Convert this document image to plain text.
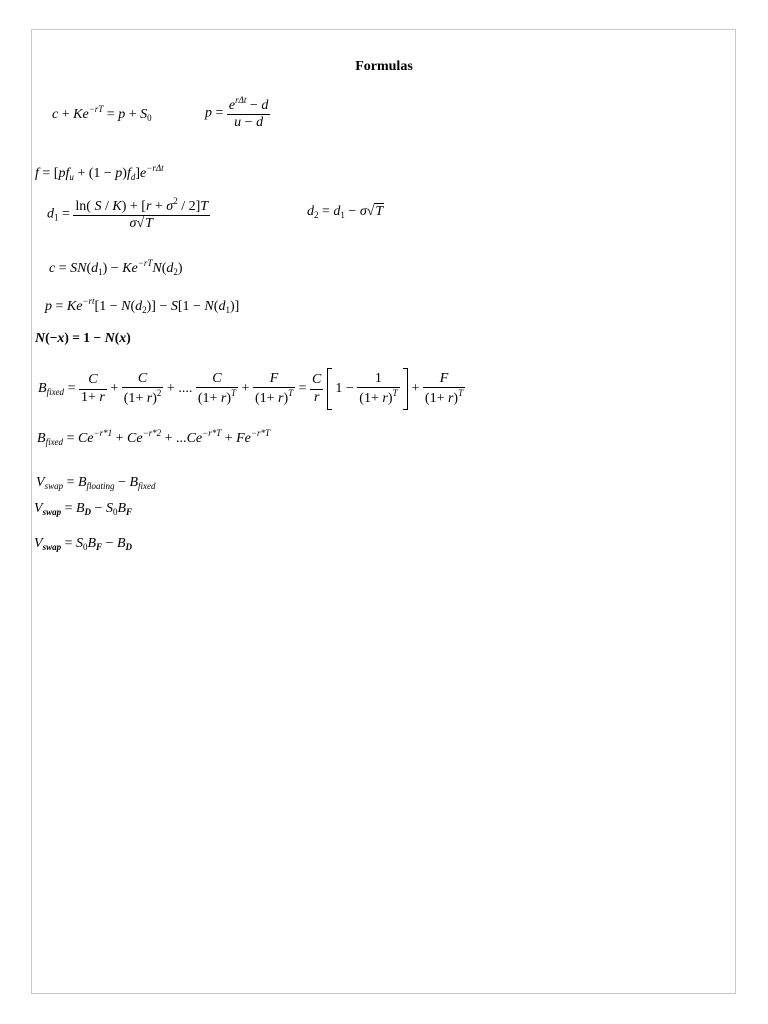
Formulas
$c + Ke^{-rT} = p + S_0$	$p = \frac{e^{r\Delta t} - d}{u - d}$
$f = [pf_u + (1 - p)f_d]e^{-r\Delta t}$
$d_1 = \frac{\ln( S / K) + [r + \sigma^2 / 2]T}{\sigma√T}$	$d_2 = d_1 - \sigma√T$
$c = SN(d_1) - Ke^{-rT}N(d_2)$
$p = Ke^{-rt}[1 - N(d_2)] - S[1 - N(d_1)]$
N(−x) = 1 − N(x)
$B_{fixed} = \frac{C}{1+ r} + \frac{C}{(1+ r)^2}$ + .... $\frac{C}{(1+ r)^T} + \frac{F}{(1+ r)^T} = \frac{C}{r} 1 - \frac{1}{(1+ r)^T} + \frac{F}{(1+ r)^T}$
$B_{fixed} = Ce^{-r*1} + Ce^{-r*2} + ...Ce^{-r*T} + Fe^{-r*T}$
$V_{swap} = B_{floating} - B_{fixed}$
$V_{swap} = B_D - S_0B_F$
$V_{swap} = S_0B_F - B_D$
